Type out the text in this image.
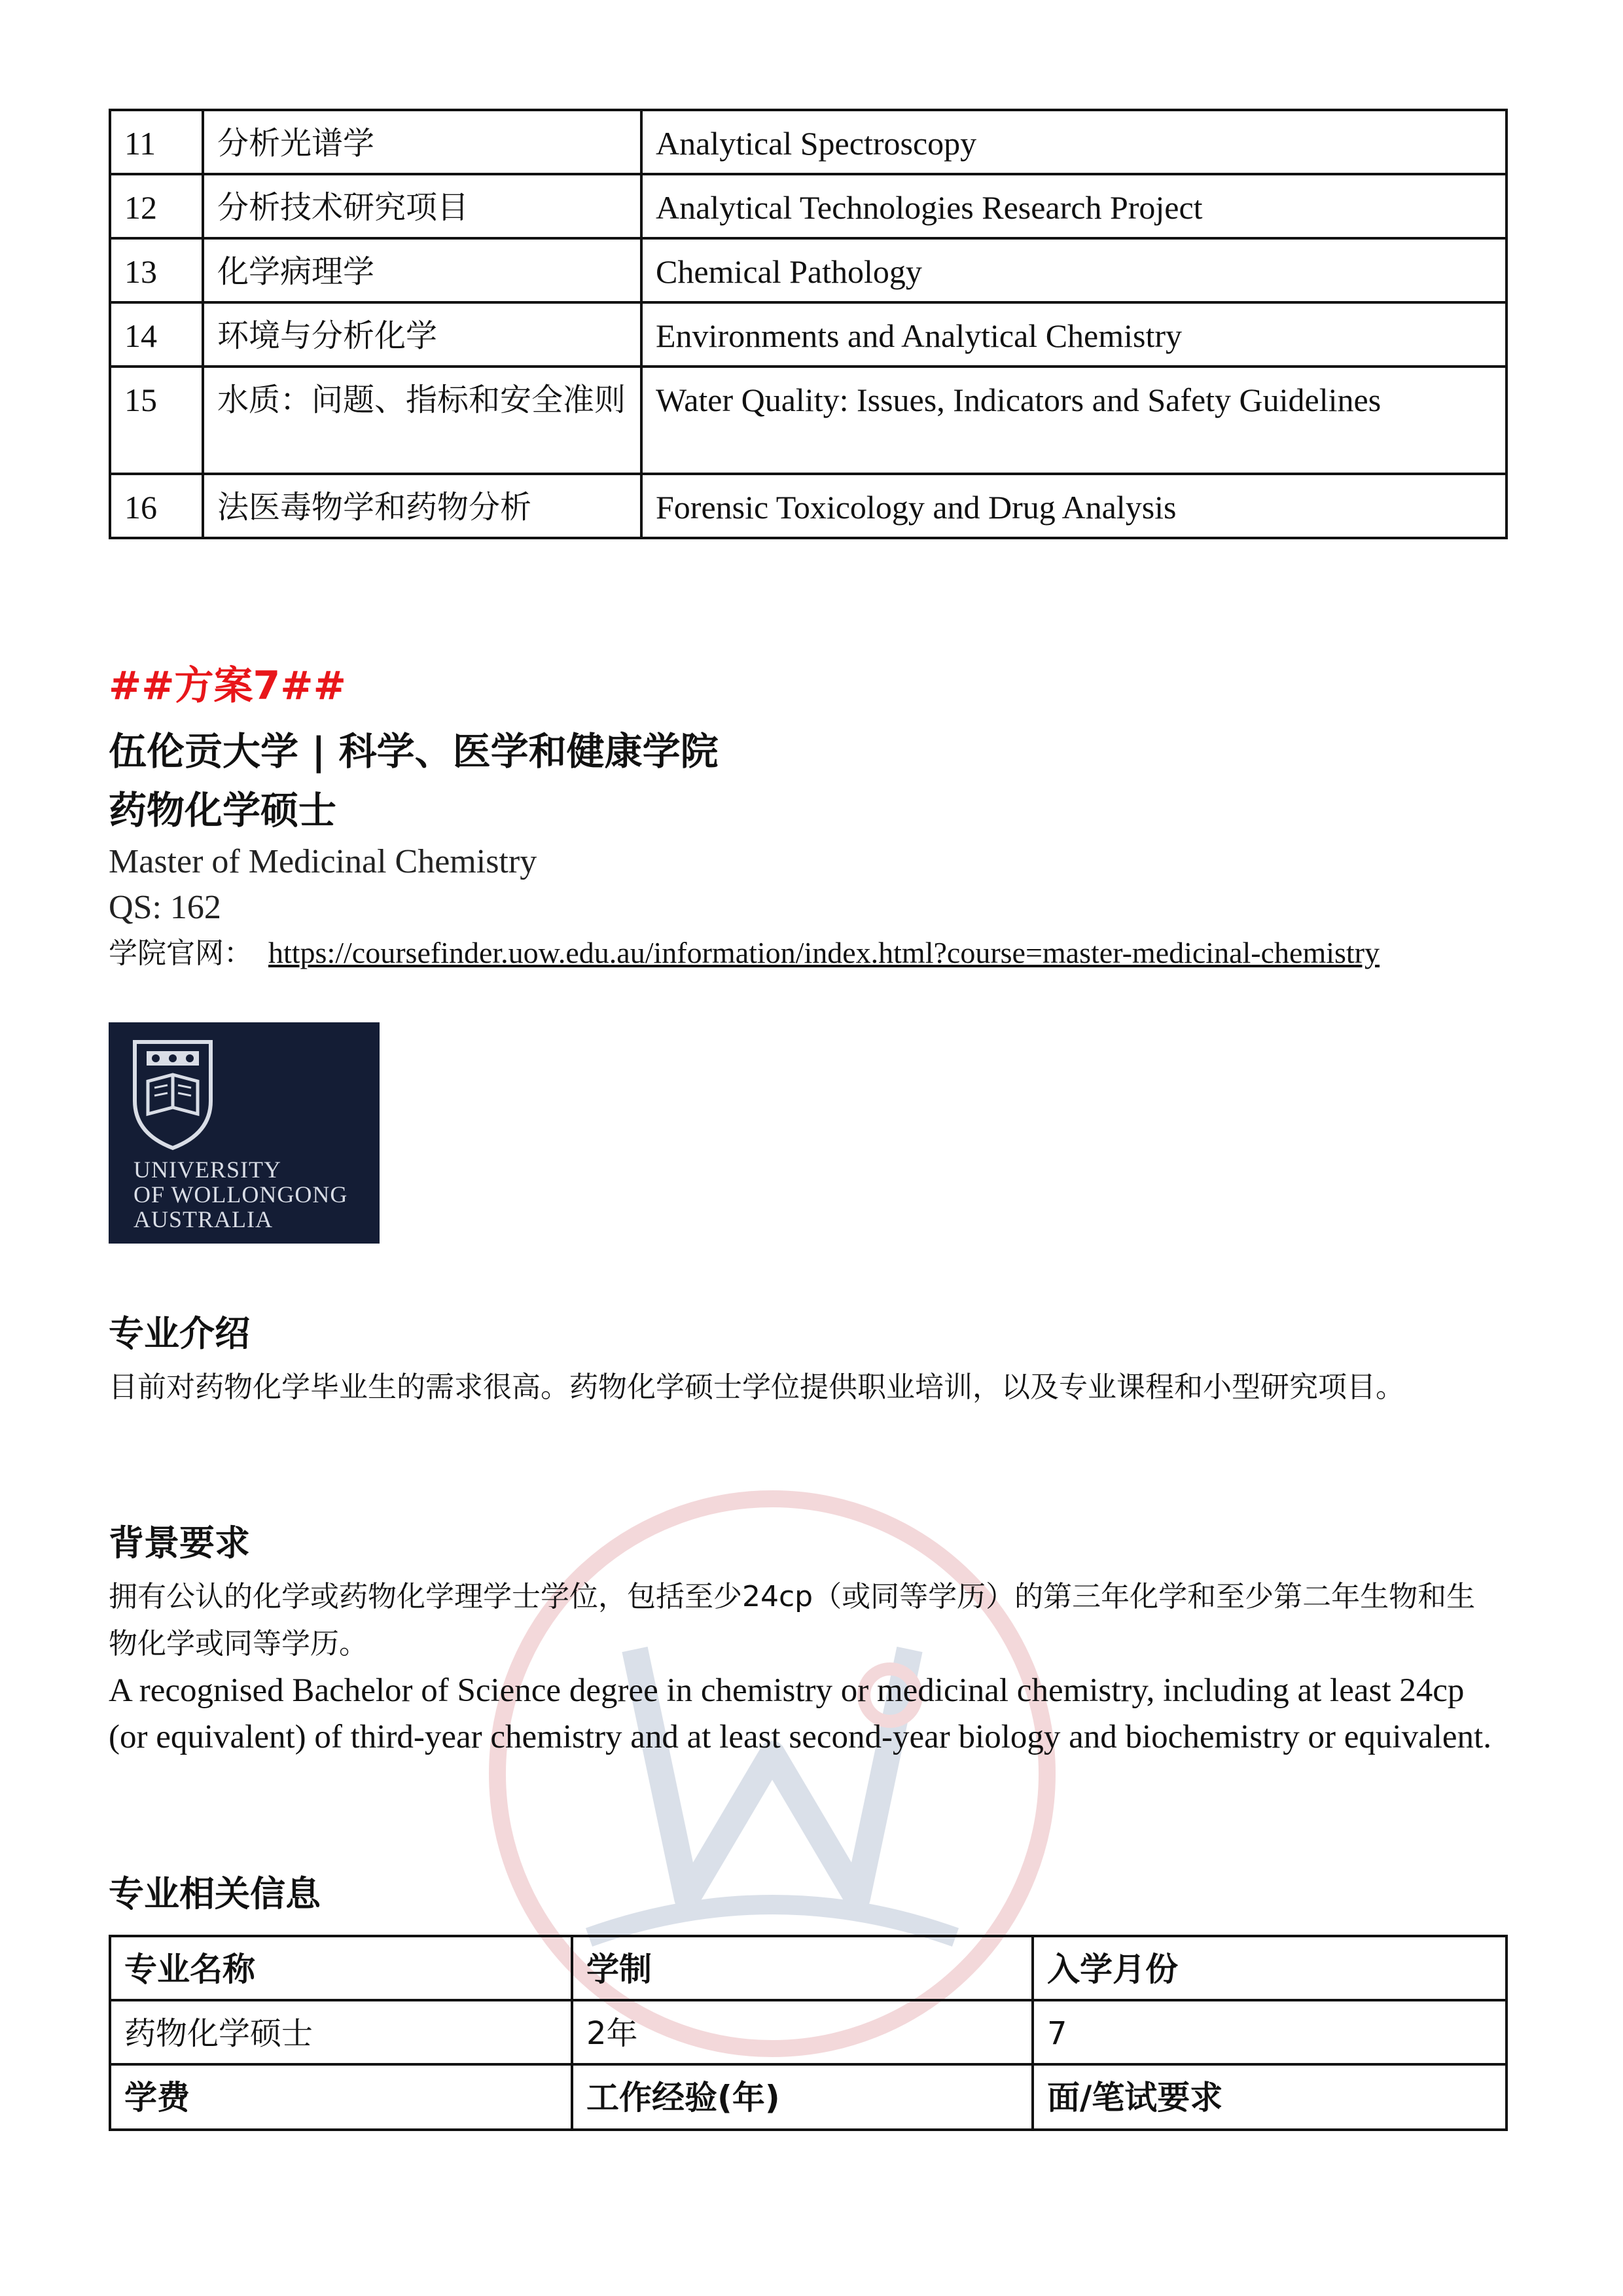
11	分析光谱学	Analytical Spectroscopy
12	分析技术研究项目	Analytical Technologies Research Project
13	化学病理学	Chemical Pathology
14	环境与分析化学	Environments and Analytical Chemistry
15	水质：问题、指标和安全准则	Water Quality: Issues, Indicators and Safety Guidelines
16	法医毒物学和药物分析	Forensic Toxicology and Drug Analysis
##方案7##
伍伦贡大学 | 科学、医学和健康学院
药物化学硕士
Master of Medicinal Chemistry
QS: 162
学院官网： https://coursefinder.uow.edu.au/information/index.html?course=master-medicinal-chemistry
UNIVERSITY
OF WOLLONGONG
AUSTRALIA
专业介绍
目前对药物化学毕业生的需求很高。药物化学硕士学位提供职业培训，以及专业课程和小型研究项目。
背景要求
拥有公认的化学或药物化学理学士学位，包括至少24cp（或同等学历）的第三年化学和至少第二年生物和生物化学或同等学历。
A recognised Bachelor of Science degree in chemistry or medicinal chemistry, including at least 24cp (or equivalent) of third-year chemistry and at least second-year biology and biochemistry or equivalent.
专业相关信息
专业名称	学制	入学月份
药物化学硕士	2年	7
学费	工作经验(年)	面/笔试要求
